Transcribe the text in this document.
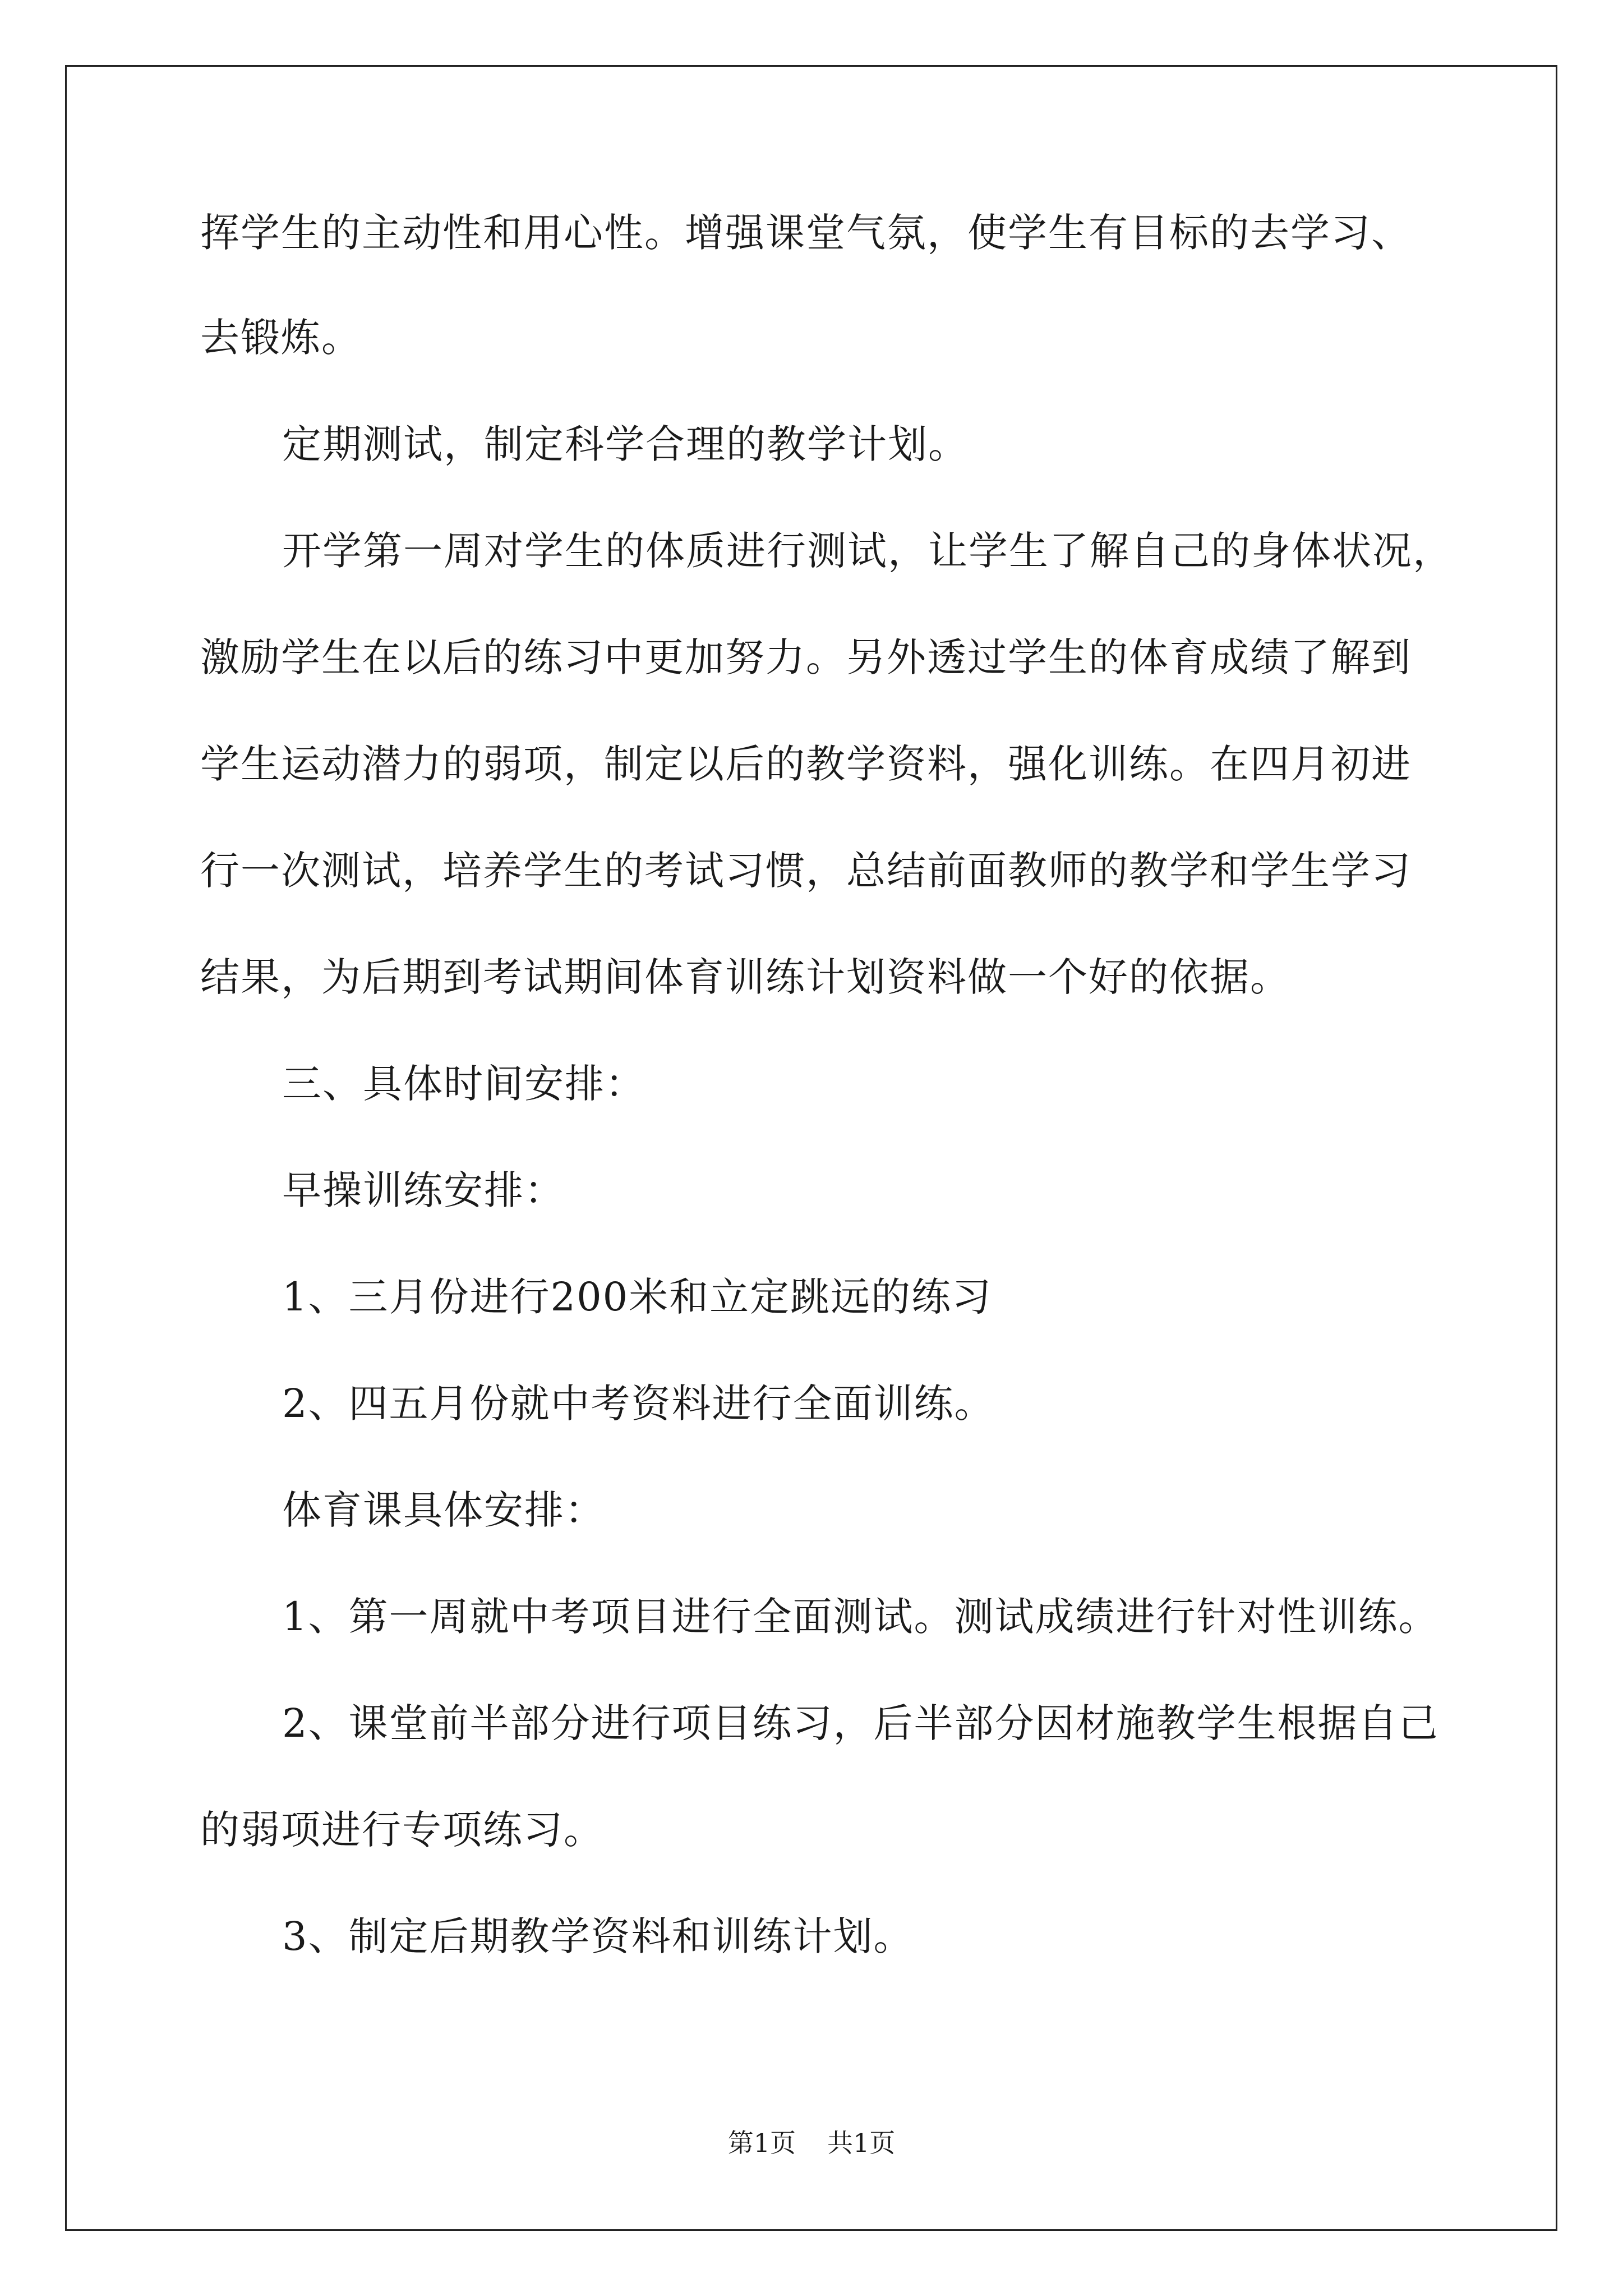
挥学生的主动性和用心性。增强课堂气氛，使学生有目标的去学习、
去锻炼。
定期测试，制定科学合理的教学计划。
开学第一周对学生的体质进行测试，让学生了解自己的身体状况，
激励学生在以后的练习中更加努力。另外透过学生的体育成绩了解到
学生运动潜力的弱项，制定以后的教学资料，强化训练。在四月初进
行一次测试，培养学生的考试习惯，总结前面教师的教学和学生学习
结果，为后期到考试期间体育训练计划资料做一个好的依据。
三、具体时间安排：
早操训练安排：
1、三月份进行200米和立定跳远的练习
2、四五月份就中考资料进行全面训练。
体育课具体安排：
1、第一周就中考项目进行全面测试。测试成绩进行针对性训练。
2、课堂前半部分进行项目练习，后半部分因材施教学生根据自己
的弱项进行专项练习。
3、制定后期教学资料和训练计划。
第1页 共1页
